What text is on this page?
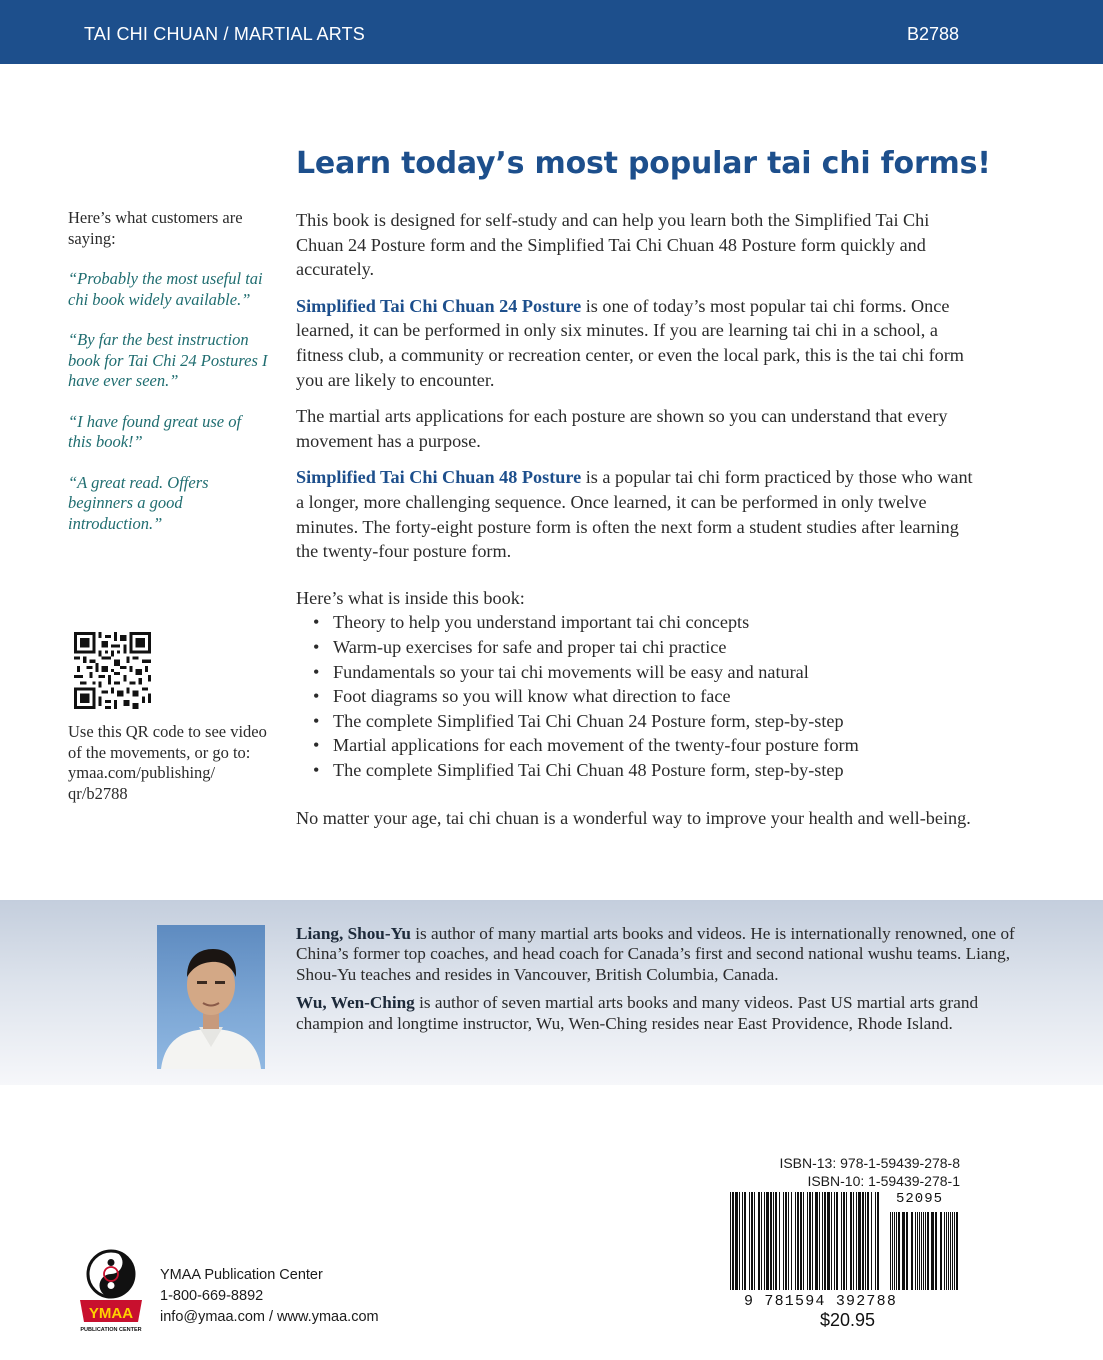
TAI CHI CHUAN / MARTIAL ARTS	B2788
Learn today’s most popular tai chi forms!
Here’s what customers are saying:
“Probably the most useful tai chi book widely available.”
“By far the best instruction book for Tai Chi 24 Postures I have ever seen.”
“I have found great use of this book!”
“A great read. Offers beginners a good introduction.”
Use this QR code to see video of the movements, or go to: ymaa.com/publishing/ qr/b2788

This book is designed for self-study and can help you learn both the Simplified Tai Chi Chuan 24 Posture form and the Simplified Tai Chi Chuan 48 Posture form quickly and accurately.

Simplified Tai Chi Chuan 24 Posture is one of today’s most popular tai chi forms. Once learned, it can be performed in only six minutes. If you are learning tai chi in a school, a fitness club, a community or recreation center, or even the local park, this is the tai chi form you are likely to encounter.

The martial arts applications for each posture are shown so you can understand that every movement has a purpose.

Simplified Tai Chi Chuan 48 Posture is a popular tai chi form practiced by those who want a longer, more challenging sequence. Once learned, it can be performed in only twelve minutes. The forty-eight posture form is often the next form a student studies after learning the twenty-four posture form.

Here’s what is inside this book:

• Theory to help you understand important tai chi concepts
• Warm-up exercises for safe and proper tai chi practice
• Fundamentals so your tai chi movements will be easy and natural
• Foot diagrams so you will know what direction to face
• The complete Simplified Tai Chi Chuan 24 Posture form, step-by-step
• Martial applications for each movement of the twenty-four posture form
• The complete Simplified Tai Chi Chuan 48 Posture form, step-by-step

No matter your age, tai chi chuan is a wonderful way to improve your health and well-being.

Liang, Shou-Yu is author of many martial arts books and videos. He is internationally renowned, one of China’s former top coaches, and head coach for Canada’s first and second national wushu teams. Liang, Shou-Yu teaches and resides in Vancouver, British Columbia, Canada.

Wu, Wen-Ching is author of seven martial arts books and many videos. Past US martial arts grand champion and longtime instructor, Wu, Wen-Ching resides near East Providence, Rhode Island.

YMAA
PUBLICATION CENTER
YMAA Publication Center
1-800-669-8892
info@ymaa.com / www.ymaa.com
ISBN-13: 978-1-59439-278-8
ISBN-10: 1-59439-278-1
52095
9 781594 392788
$20.95
